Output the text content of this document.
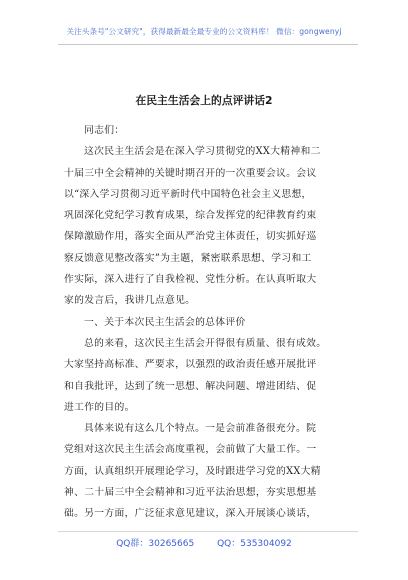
关注头条号"公文研究"，获得最新最全最专业的公文资料库！ 微信：gongwenyj
在民主生活会上的点评讲话2
同志们：
这次民主生活会是在深入学习贯彻党的XX大精神和二
十届三中全会精神的关键时期召开的一次重要会议。会议
以“深入学习贯彻习近平新时代中国特色社会主义思想，
巩固深化党纪学习教育成果，综合发挥党的纪律教育约束
保障激励作用，落实全面从严治党主体责任，切实抓好巡
察反馈意见整改落实”为主题，紧密联系思想、学习和工
作实际，深入进行了自我检视、党性分析。在认真听取大
家的发言后，我讲几点意见。
一、关于本次民主生活会的总体评价
总的来看，这次民主生活会开得很有质量、很有成效。
大家坚持高标准、严要求，以强烈的政治责任感开展批评
和自我批评，达到了统一思想、解决问题、增进团结、促
进工作的目的。
具体来说有这么几个特点。一是会前准备很充分。院
党组对这次民主生活会高度重视，会前做了大量工作。一
方面，认真组织开展理论学习，及时跟进学习党的XX大精
神、二十届三中全会精神和习近平法治思想，夯实思想基
础。另一方面，广泛征求意见建议，深入开展谈心谈话，
QQ群：30265665	QQ：535304092
